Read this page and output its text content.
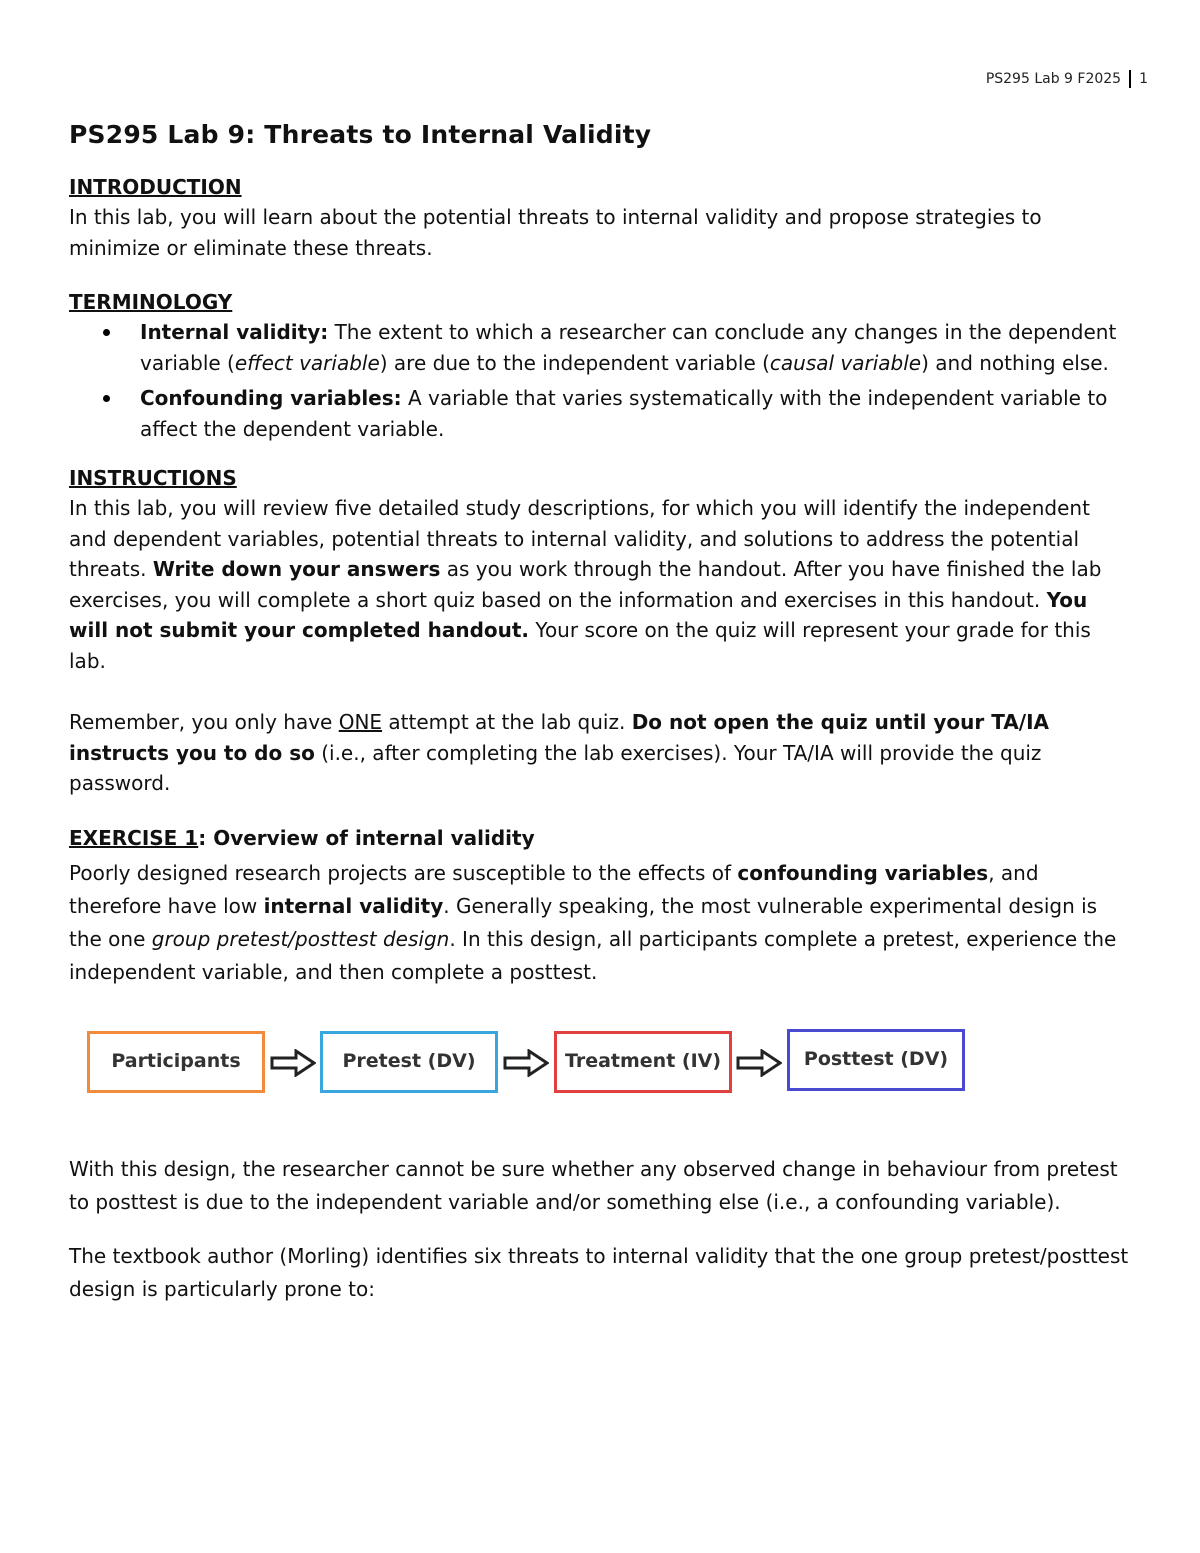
PS295 Lab 9 F2025 1
PS295 Lab 9: Threats to Internal Validity
INTRODUCTION

In this lab, you will learn about the potential threats to internal validity and propose strategies to minimize or eliminate these threats.

TERMINOLOGY
Internal validity: The extent to which a researcher can conclude any changes in the dependent variable (effect variable) are due to the independent variable (causal variable) and nothing else.
Confounding variables: A variable that varies systematically with the independent variable to affect the dependent variable.
INSTRUCTIONS

In this lab, you will review five detailed study descriptions, for which you will identify the independent and dependent variables, potential threats to internal validity, and solutions to address the potential threats. Write down your answers as you work through the handout. After you have finished the lab exercises, you will complete a short quiz based on the information and exercises in this handout. You will not submit your completed handout. Your score on the quiz will represent your grade for this lab.

Remember, you only have ONE attempt at the lab quiz. Do not open the quiz until your TA/IA instructs you to do so (i.e., after completing the lab exercises). Your TA/IA will provide the quiz password.

EXERCISE 1: Overview of internal validity

Poorly designed research projects are susceptible to the effects of confounding variables, and therefore have low internal validity. Generally speaking, the most vulnerable experimental design is the one group pretest/posttest design. In this design, all participants complete a pretest, experience the independent variable, and then complete a posttest.

Participants	Pretest (DV)	Treatment (IV)	Posttest (DV)

With this design, the researcher cannot be sure whether any observed change in behaviour from pretest to posttest is due to the independent variable and/or something else (i.e., a confounding variable).

The textbook author (Morling) identifies six threats to internal validity that the one group pretest/posttest design is particularly prone to:
